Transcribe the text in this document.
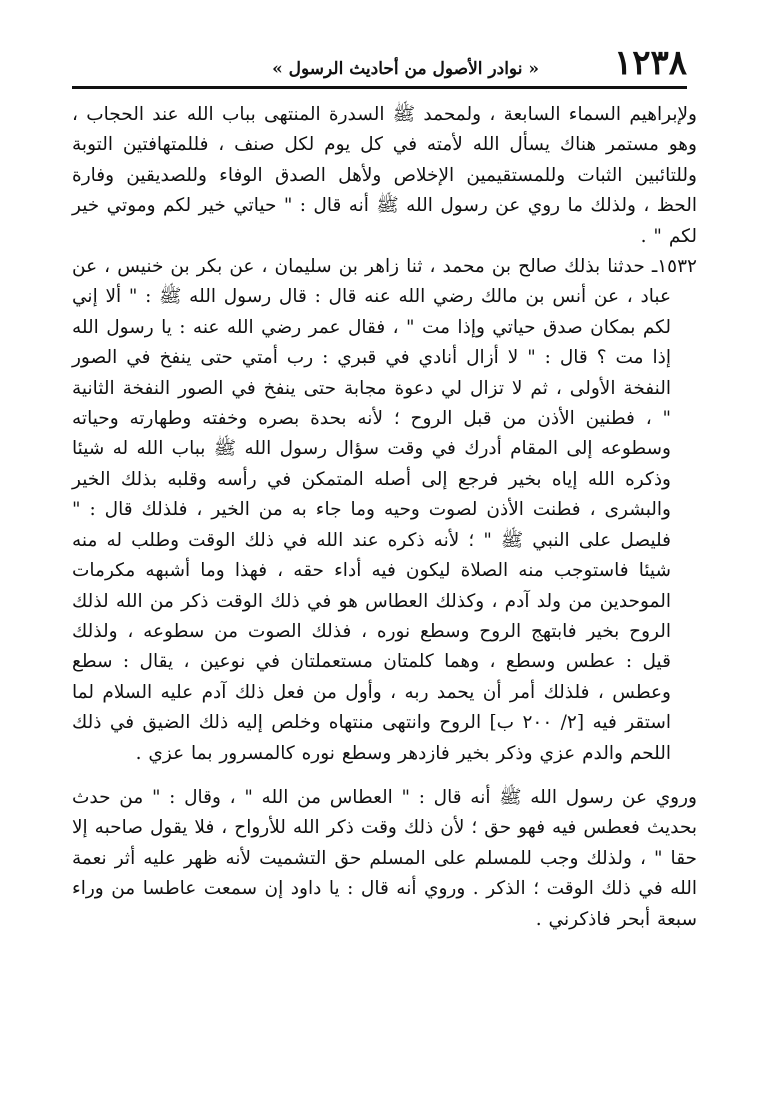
١٢٣٨
« نوادر الأصول من أحاديث الرسول »

ولإبراهيم السماء السابعة ، ولمحمد ﷺ السدرة المنتهى بباب الله عند الحجاب ، وهو مستمر هناك يسأل الله لأمته في كل يوم لكل صنف ، فللمتهافتين التوبة وللتائبين الثبات وللمستقيمين الإخلاص ولأهل الصدق الوفاء وللصديقين وفارة الحظ ، ولذلك ما روي عن رسول الله ﷺ أنه قال : " حياتي خير لكم وموتي خير لكم " .

١٥٣٢ـ حدثنا بذلك صالح بن محمد ، ثنا زاهر بن سليمان ، عن بكر بن خنيس ، عن عباد ، عن أنس بن مالك رضي الله عنه قال : قال رسول الله ﷺ : " ألا إني لكم بمكان صدق حياتي وإذا مت " ، فقال عمر رضي الله عنه : يا رسول الله إذا مت ؟ قال : " لا أزال أنادي في قبري : رب أمتي حتى ينفخ في الصور النفخة الأولى ، ثم لا تزال لي دعوة مجابة حتى ينفخ في الصور النفخة الثانية " ، فطنين الأذن من قبل الروح ؛ لأنه بحدة بصره وخفته وطهارته وحياته وسطوعه إلى المقام أدرك في وقت سؤال رسول الله ﷺ بباب الله له شيئا وذكره الله إياه بخير فرجع إلى أصله المتمكن في رأسه وقلبه بذلك الخير والبشرى ، فطنت الأذن لصوت وحيه وما جاء به من الخير ، فلذلك قال : " فليصل على النبي ﷺ " ؛ لأنه ذكره عند الله في ذلك الوقت وطلب له منه شيئا فاستوجب منه الصلاة ليكون فيه أداء حقه ، فهذا وما أشبهه مكرمات الموحدين من ولد آدم ، وكذلك العطاس هو في ذلك الوقت ذكر من الله لذلك الروح بخير فابتهج الروح وسطع نوره ، فذلك الصوت من سطوعه ، ولذلك قيل : عطس وسطع ، وهما كلمتان مستعملتان في نوعين ، يقال : سطع وعطس ، فلذلك أمر أن يحمد ربه ، وأول من فعل ذلك آدم عليه السلام لما استقر فيه [٢/ ٢٠٠ ب] الروح وانتهى منتهاه وخلص إليه ذلك الضيق في ذلك اللحم والدم عزي وذكر بخير فازدهر وسطع نوره كالمسرور بما عزي .

وروي عن رسول الله ﷺ أنه قال : " العطاس من الله " ، وقال : " من حدث بحديث فعطس فيه فهو حق ؛ لأن ذلك وقت ذكر الله للأرواح ، فلا يقول صاحبه إلا حقا " ، ولذلك وجب للمسلم على المسلم حق التشميت لأنه ظهر عليه أثر نعمة الله في ذلك الوقت ؛ الذكر . وروي أنه قال : يا داود إن سمعت عاطسا من وراء سبعة أبحر فاذكرني .
